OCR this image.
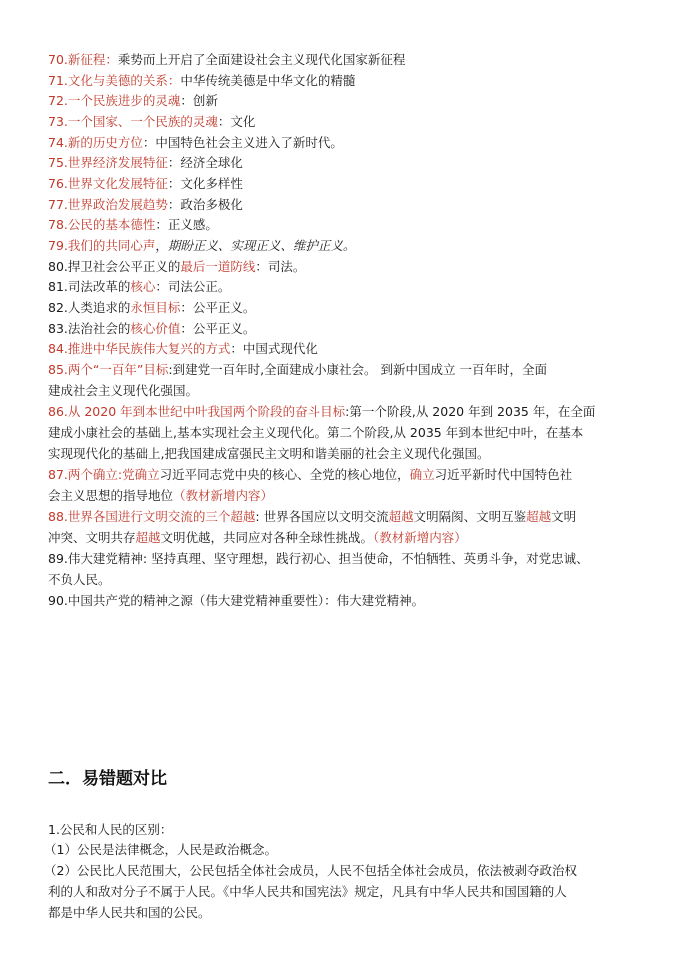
70.新征程：乘势而上开启了全面建设社会主义现代化国家新征程
71.文化与美德的关系：中华传统美德是中华文化的精髓
72.一个民族进步的灵魂：创新
73.一个国家、一个民族的灵魂：文化
74.新的历史方位：中国特色社会主义进入了新时代。
75.世界经济发展特征：经济全球化
76.世界文化发展特征：文化多样性
77.世界政治发展趋势：政治多极化
78.公民的基本德性：正义感。
79.我们的共同心声，期盼正义、实现正义、维护正义。
80.捍卫社会公平正义的最后一道防线：司法。
81.司法改革的核心：司法公正。
82.人类追求的永恒目标：公平正义。
83.法治社会的核心价值：公平正义。
84.推进中华民族伟大复兴的方式：中国式现代化
85.两个“一百年”目标:到建党一百年时,全面建成小康社会。 到新中国成立 一百年时，全面
建成社会主义现代化强国。
86.从 2020 年到本世纪中叶我国两个阶段的奋斗目标:第一个阶段,从 2020 年到 2035 年，在全面
建成小康社会的基础上,基本实现社会主义现代化。第二个阶段,从 2035 年到本世纪中叶，在基本
实现现代化的基础上,把我国建成富强民主文明和谐美丽的社会主义现代化强国。
87.两个确立:党确立习近平同志党中央的核心、全党的核心地位，确立习近平新时代中国特色社
会主义思想的指导地位（教材新增内容）
88.世界各国进行文明交流的三个超越: 世界各国应以文明交流超越文明隔阂、文明互鉴超越文明
冲突、文明共存超越文明优越，共同应对各种全球性挑战。（教材新增内容）
89.伟大建党精神: 坚持真理、坚守理想，践行初心、担当使命，不怕牺牲、英勇斗争，对党忠诚、
不负人民。
90.中国共产党的精神之源（伟大建党精神重要性）：伟大建党精神。
二．易错题对比
1.公民和人民的区别：
（1）公民是法律概念，人民是政治概念。
（2）公民比人民范围大，公民包括全体社会成员，人民不包括全体社会成员，依法被剥夺政治权
利的人和敌对分子不属于人民。《中华人民共和国宪法》规定，凡具有中华人民共和国国籍的人
都是中华人民共和国的公民。
